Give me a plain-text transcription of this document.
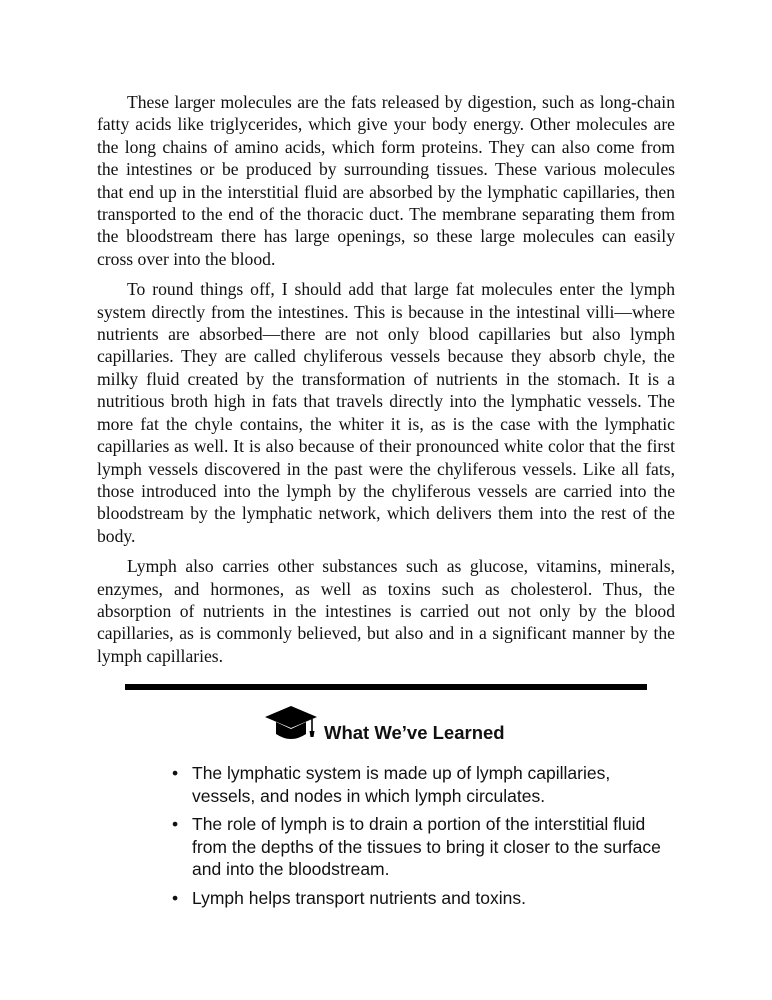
These larger molecules are the fats released by digestion, such as long-chain fatty acids like triglycerides, which give your body energy. Other molecules are the long chains of amino acids, which form proteins. They can also come from the intestines or be produced by surrounding tissues. These various molecules that end up in the interstitial fluid are absorbed by the lymphatic capillaries, then transported to the end of the thoracic duct. The membrane separating them from the bloodstream there has large openings, so these large molecules can easily cross over into the blood.

To round things off, I should add that large fat molecules enter the lymph system directly from the intestines. This is because in the intestinal villi—where nutrients are absorbed—there are not only blood capillaries but also lymph capillaries. They are called chyliferous vessels because they absorb chyle, the milky fluid created by the transformation of nutrients in the stomach. It is a nutritious broth high in fats that travels directly into the lymphatic vessels. The more fat the chyle contains, the whiter it is, as is the case with the lymphatic capillaries as well. It is also because of their pronounced white color that the first lymph vessels discovered in the past were the chyliferous vessels. Like all fats, those introduced into the lymph by the chyliferous vessels are carried into the bloodstream by the lymphatic network, which delivers them into the rest of the body.

Lymph also carries other substances such as glucose, vitamins, minerals, enzymes, and hormones, as well as toxins such as cholesterol. Thus, the absorption of nutrients in the intestines is carried out not only by the blood capillaries, as is commonly believed, but also and in a significant manner by the lymph capillaries.

What We’ve Learned
• The lymphatic system is made up of lymph capillaries, vessels, and nodes in which lymph circulates.
• The role of lymph is to drain a portion of the interstitial fluid from the depths of the tissues to bring it closer to the surface and into the bloodstream.
• Lymph helps transport nutrients and toxins.
